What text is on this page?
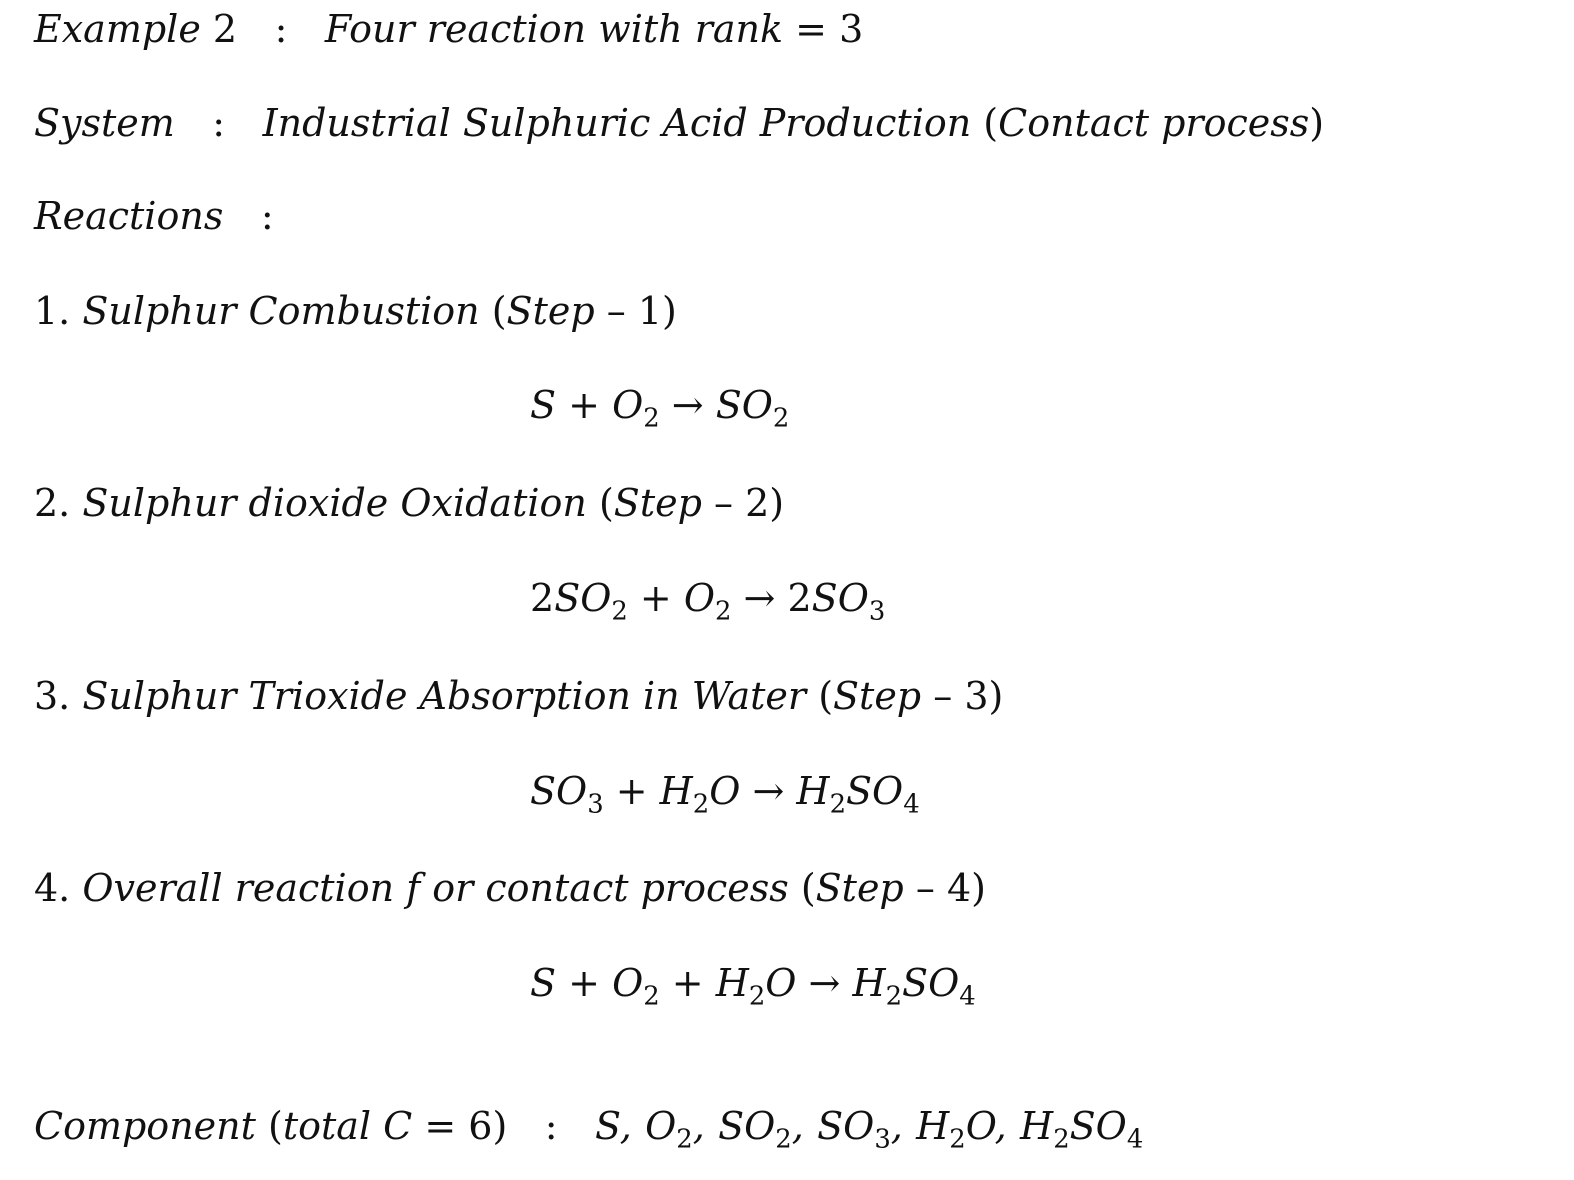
Example 2 : Four reaction with rank = 3
System : Industrial Sulphuric Acid Production (Contact process)
Reactions :
1. Sulphur Combustion (Step – 1)
$S + O_2 \to SO_2$
2. Sulphur dioxide Oxidation (Step – 2)
$2SO_2 + O_2 \to 2SO_3$
3. Sulphur Trioxide Absorption in Water (Step – 3)
$SO_3 + H_2O \to H_2SO_4$
4. Overall reaction f or contact process (Step – 4)
$S + O_2 + H_2O \to H_2SO_4$
Component (total C = 6) : S, $O_2$, $SO_2$, $SO_3$, $H_2O$, $H_2SO_4$
